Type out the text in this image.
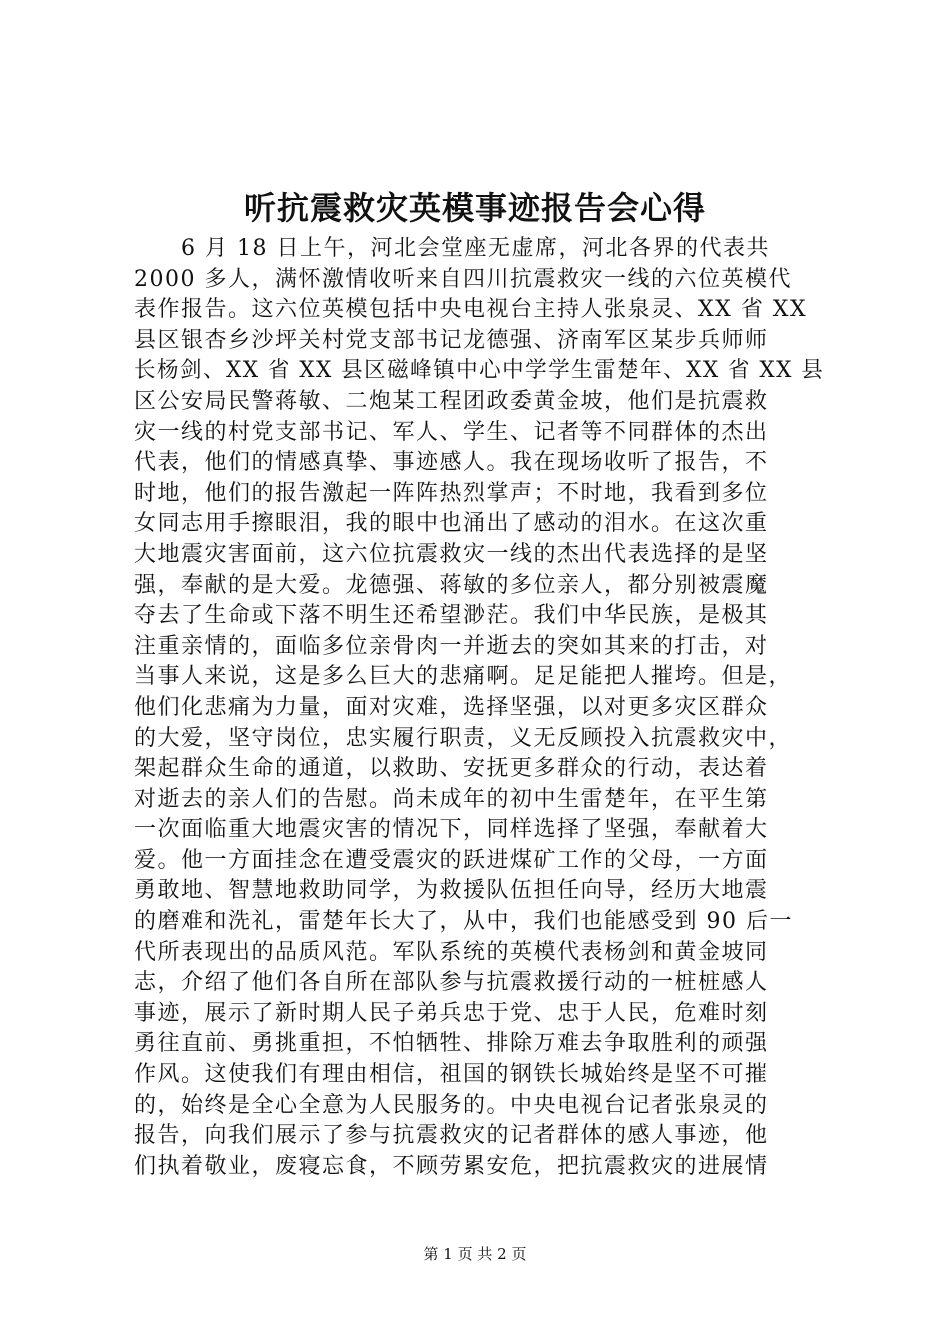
听抗震救灾英模事迹报告会心得
　　6 月 18 日上午，河北会堂座无虚席，河北各界的代表共
2000 多人，满怀激情收听来自四川抗震救灾一线的六位英模代
表作报告。这六位英模包括中央电视台主持人张泉灵、XX 省 XX
县区银杏乡沙坪关村党支部书记龙德强、济南军区某步兵师师
长杨剑、XX 省 XX 县区磁峰镇中心中学学生雷楚年、XX 省 XX 县
区公安局民警蒋敏、二炮某工程团政委黄金坡，他们是抗震救
灾一线的村党支部书记、军人、学生、记者等不同群体的杰出
代表，他们的情感真挚、事迹感人。我在现场收听了报告，不
时地，他们的报告激起一阵阵热烈掌声；不时地，我看到多位
女同志用手擦眼泪，我的眼中也涌出了感动的泪水。在这次重
大地震灾害面前，这六位抗震救灾一线的杰出代表选择的是坚
强，奉献的是大爱。龙德强、蒋敏的多位亲人，都分别被震魔
夺去了生命或下落不明生还希望渺茫。我们中华民族，是极其
注重亲情的，面临多位亲骨肉一并逝去的突如其来的打击，对
当事人来说，这是多么巨大的悲痛啊。足足能把人摧垮。但是，
他们化悲痛为力量，面对灾难，选择坚强，以对更多灾区群众
的大爱，坚守岗位，忠实履行职责，义无反顾投入抗震救灾中，
架起群众生命的通道，以救助、安抚更多群众的行动，表达着
对逝去的亲人们的告慰。尚未成年的初中生雷楚年，在平生第
一次面临重大地震灾害的情况下，同样选择了坚强，奉献着大
爱。他一方面挂念在遭受震灾的跃进煤矿工作的父母，一方面
勇敢地、智慧地救助同学，为救援队伍担任向导，经历大地震
的磨难和洗礼，雷楚年长大了，从中，我们也能感受到 90 后一
代所表现出的品质风范。军队系统的英模代表杨剑和黄金坡同
志，介绍了他们各自所在部队参与抗震救援行动的一桩桩感人
事迹，展示了新时期人民子弟兵忠于党、忠于人民，危难时刻
勇往直前、勇挑重担，不怕牺牲、排除万难去争取胜利的顽强
作风。这使我们有理由相信，祖国的钢铁长城始终是坚不可摧
的，始终是全心全意为人民服务的。中央电视台记者张泉灵的
报告，向我们展示了参与抗震救灾的记者群体的感人事迹，他
们执着敬业，废寝忘食，不顾劳累安危，把抗震救灾的进展情
第 1 页 共 2 页
